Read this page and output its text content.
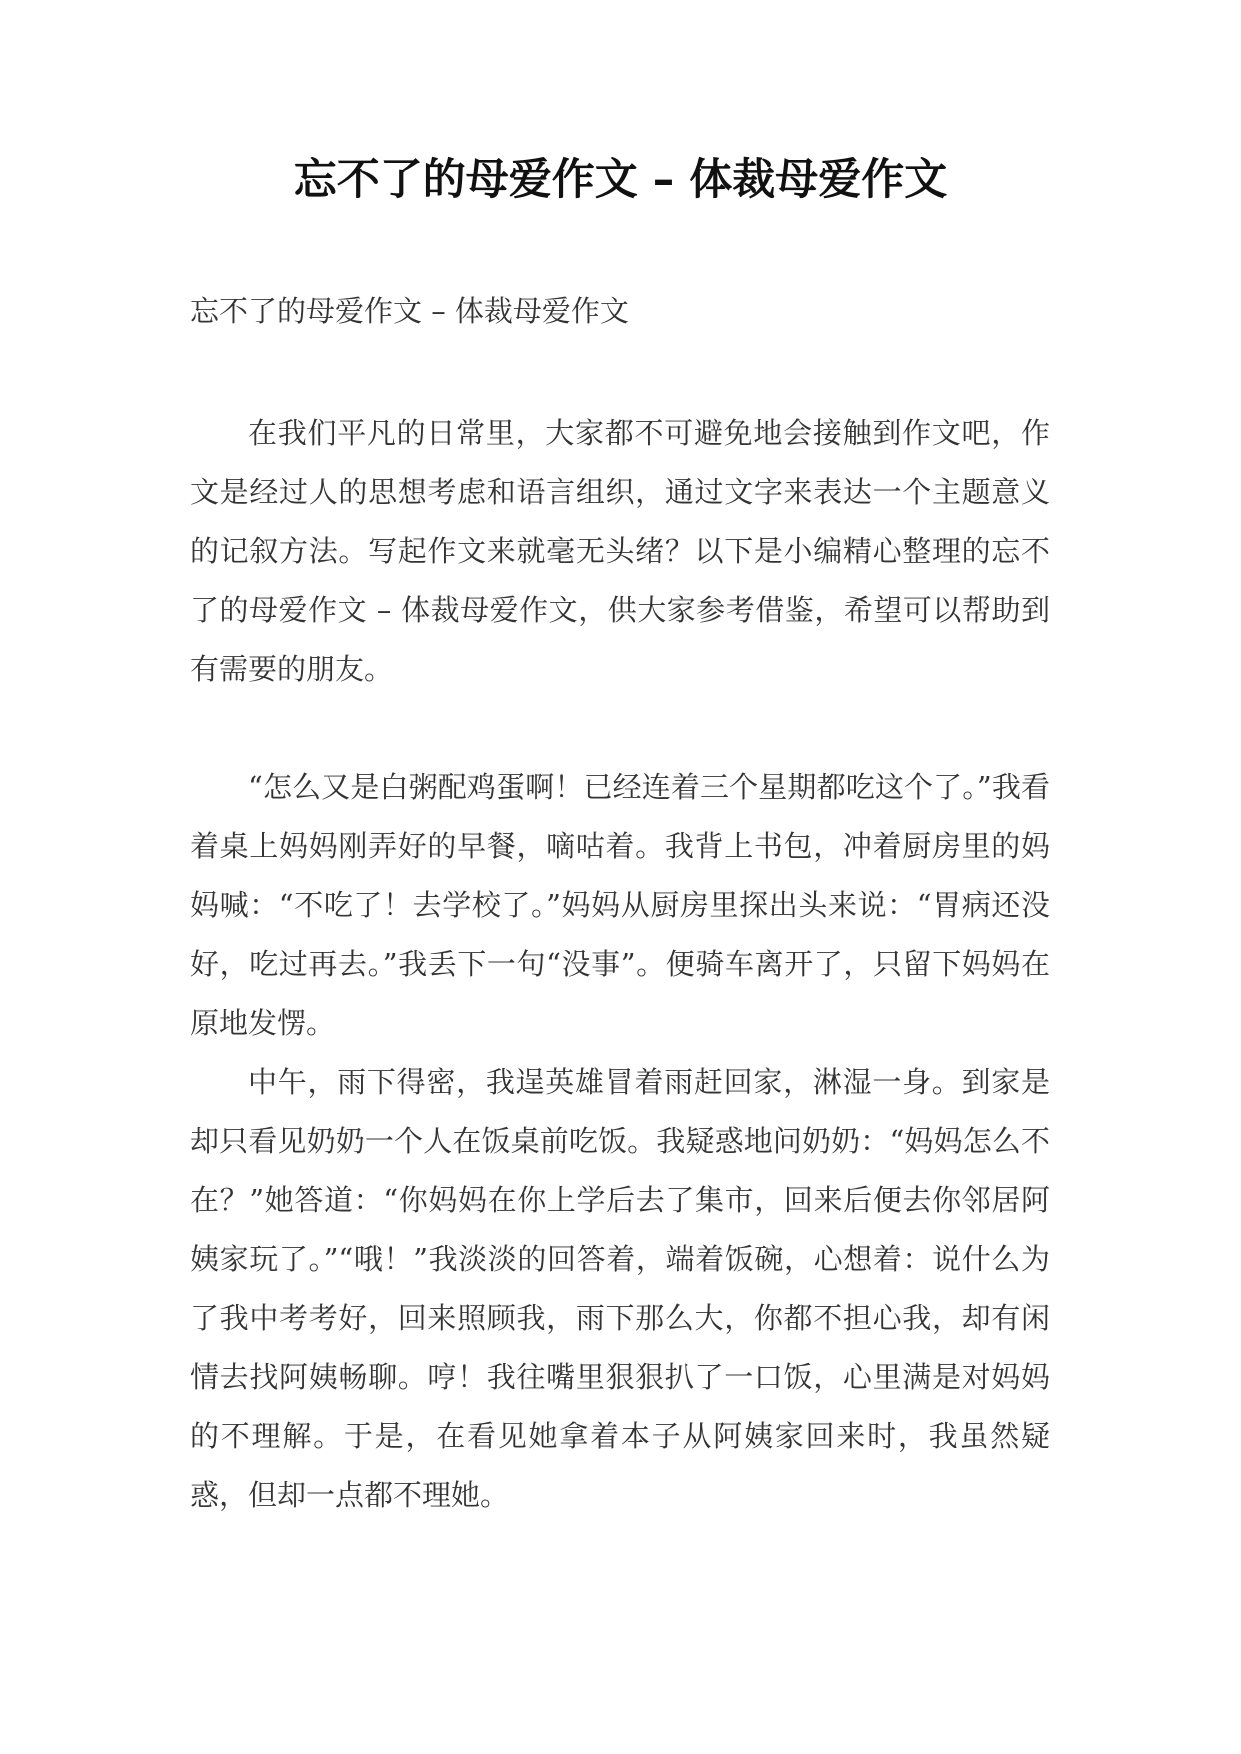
忘不了的母爱作文 – 体裁母爱作文

忘不了的母爱作文 – 体裁母爱作文

在我们平凡的日常里，大家都不可避免地会接触到作文吧，作文是经过人的思想考虑和语言组织，通过文字来表达一个主题意义的记叙方法。写起作文来就毫无头绪？以下是小编精心整理的忘不了的母爱作文 – 体裁母爱作文，供大家参考借鉴，希望可以帮助到有需要的朋友。

“怎么又是白粥配鸡蛋啊！已经连着三个星期都吃这个了。”我看着桌上妈妈刚弄好的早餐，嘀咕着。我背上书包，冲着厨房里的妈妈喊：“不吃了！去学校了。”妈妈从厨房里探出头来说：“胃病还没好，吃过再去。”我丢下一句“没事”。便骑车离开了，只留下妈妈在原地发愣。

中午，雨下得密，我逞英雄冒着雨赶回家，淋湿一身。到家是却只看见奶奶一个人在饭桌前吃饭。我疑惑地问奶奶：“妈妈怎么不在？”她答道：“你妈妈在你上学后去了集市，回来后便去你邻居阿姨家玩了。”“哦！”我淡淡的回答着，端着饭碗，心想着：说什么为了我中考考好，回来照顾我，雨下那么大，你都不担心我，却有闲情去找阿姨畅聊。哼！我往嘴里狠狠扒了一口饭，心里满是对妈妈的不理解。于是，在看见她拿着本子从阿姨家回来时，我虽然疑惑，但却一点都不理她。
